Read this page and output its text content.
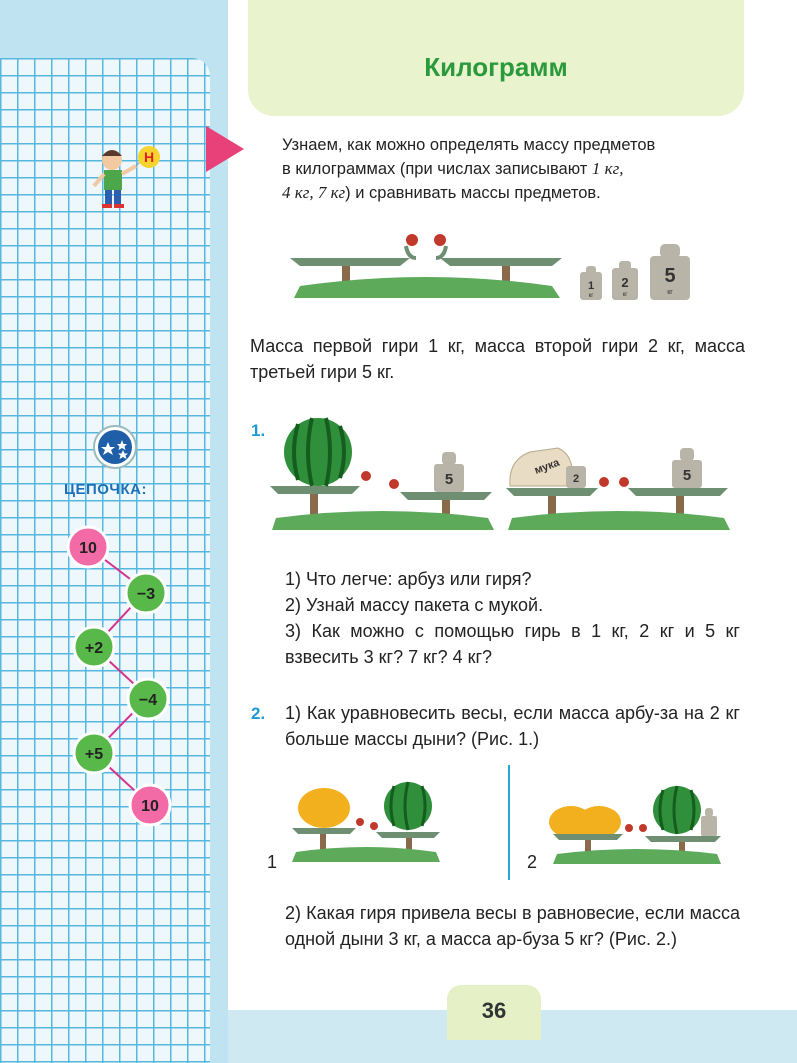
Килограмм
Н
Узнаем, как можно определять массу предметов
в килограммах (при числах записывают 1 кг,
4 кг, 7 кг) и сравнивать массы предметов.
1
кг
2
кг
5
кг
Масса первой гири 1 кг, масса второй гири 2 кг, масса третьей гири 5 кг.
1.
5
мука
2	5
1) Что легче: арбуз или гиря?
2) Узнай массу пакета с мукой.
3) Как можно с помощью гирь в 1 кг, 2 кг и 5 кг взвесить 3 кг? 7 кг? 4 кг?
2. 1) Как уравновесить весы, если масса арбу-за на 2 кг больше массы дыни? (Рис. 1.)
1	2
2) Какая гиря привела весы в равновесие, если масса одной дыни 3 кг, а масса ар-буза 5 кг? (Рис. 2.)
ЦЕПОЧКА:
10
−3
+2
−4
+5
10
36
